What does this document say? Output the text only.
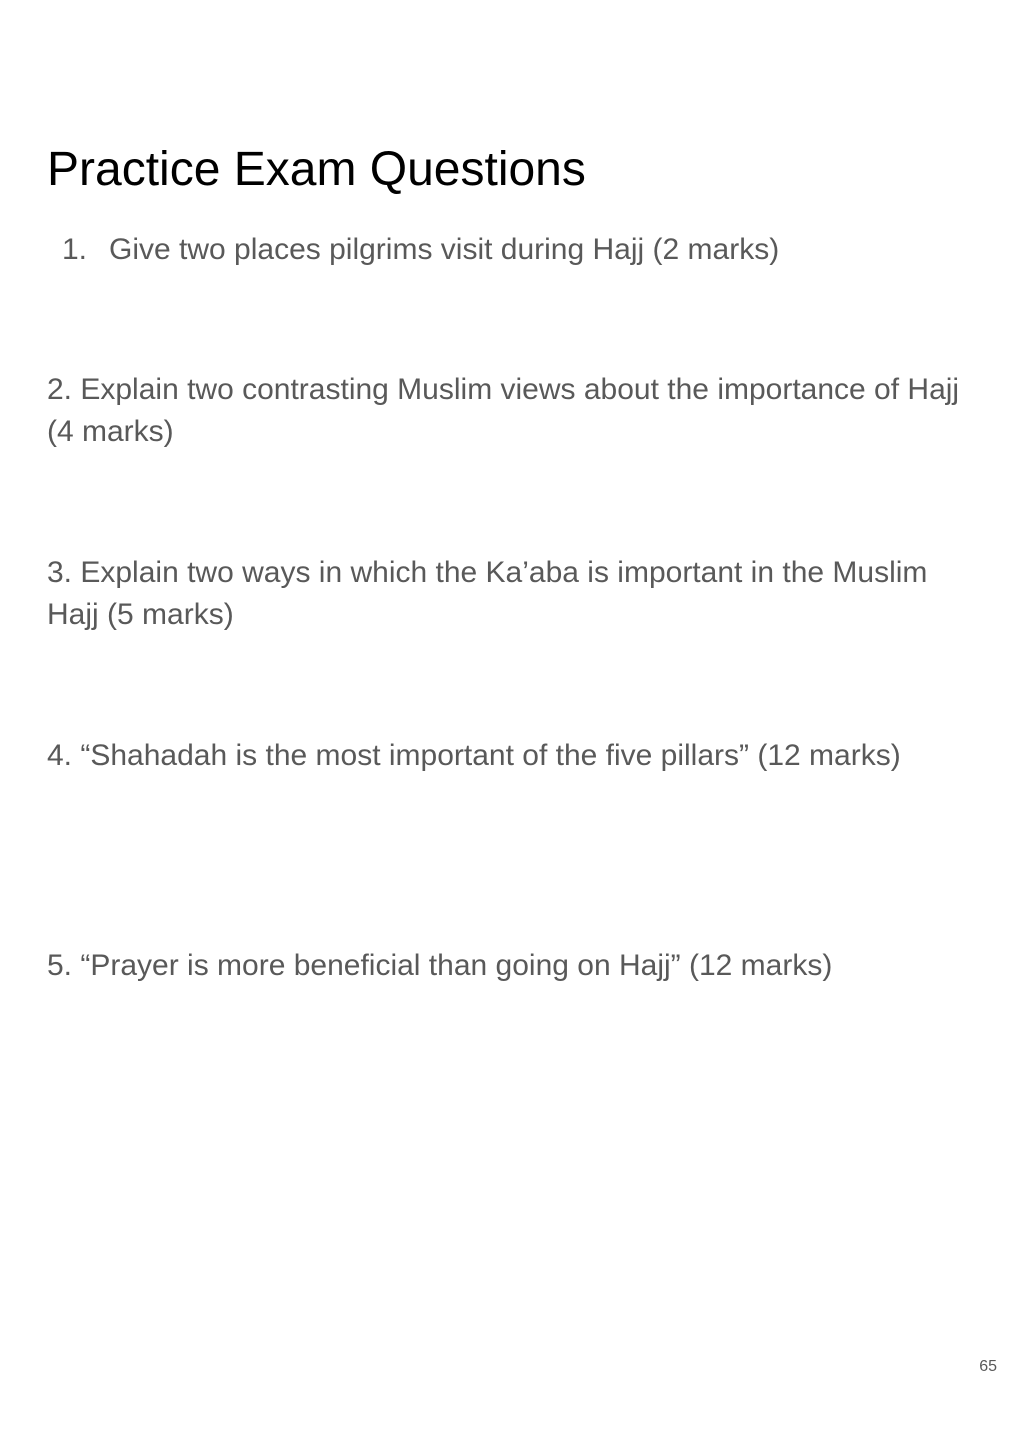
Practice Exam Questions
1. Give two places pilgrims visit during Hajj (2 marks)

2. Explain two contrasting Muslim views about the importance of Hajj (4 marks)

3. Explain two ways in which the Ka’aba is important in the Muslim Hajj (5 marks)

4. “Shahadah is the most important of the five pillars” (12 marks)

5. “Prayer is more beneficial than going on Hajj” (12 marks)

65
